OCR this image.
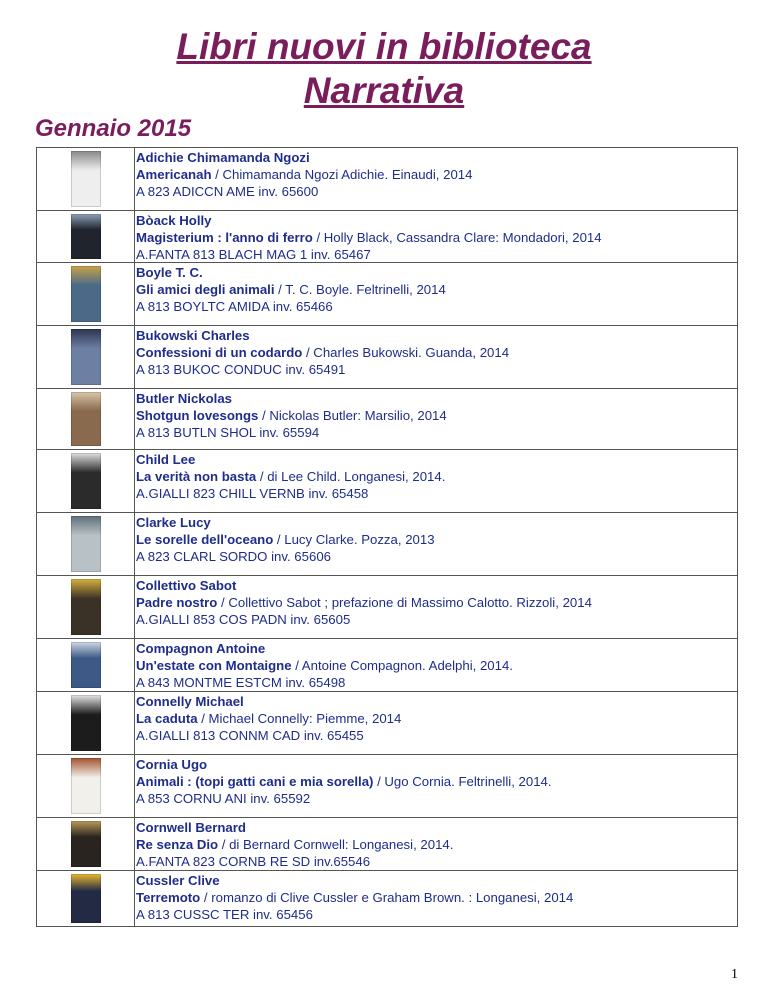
Libri nuovi in biblioteca
Narrativa
Gennaio 2015
Adichie Chimamanda Ngozi
Americanah / Chimamanda Ngozi Adichie. Einaudi, 2014
A 823 ADICCN AME inv. 65600
Bòack Holly
Magisterium : l'anno di ferro / Holly Black, Cassandra Clare: Mondadori, 2014
A.FANTA 813 BLACH MAG 1 inv. 65467
Boyle T. C.
Gli amici degli animali / T. C. Boyle. Feltrinelli, 2014
A 813 BOYLTC AMIDA inv. 65466
Bukowski Charles
Confessioni di un codardo / Charles Bukowski. Guanda, 2014
A 813 BUKOC CONDUC inv. 65491
Butler Nickolas
Shotgun lovesongs / Nickolas Butler: Marsilio, 2014
A 813 BUTLN SHOL inv. 65594
Child Lee
La verità non basta / di Lee Child. Longanesi, 2014.
A.GIALLI 823 CHILL VERNB inv. 65458
Clarke Lucy
Le sorelle dell'oceano / Lucy Clarke. Pozza, 2013
A 823 CLARL SORDO inv. 65606
Collettivo Sabot
Padre nostro / Collettivo Sabot ; prefazione di Massimo Calotto. Rizzoli, 2014
A.GIALLI 853 COS PADN inv. 65605
Compagnon Antoine
Un'estate con Montaigne / Antoine Compagnon. Adelphi, 2014.
A 843 MONTME ESTCM inv. 65498
Connelly Michael
La caduta / Michael Connelly: Piemme, 2014
A.GIALLI 813 CONNM CAD inv. 65455
Cornia Ugo
Animali : (topi gatti cani e mia sorella) / Ugo Cornia. Feltrinelli, 2014.
A 853 CORNU ANI inv. 65592
Cornwell Bernard
Re senza Dio / di Bernard Cornwell: Longanesi, 2014.
A.FANTA 823 CORNB RE SD inv.65546
Cussler Clive
Terremoto / romanzo di Clive Cussler e Graham Brown. : Longanesi, 2014
A 813 CUSSC TER inv. 65456
1
